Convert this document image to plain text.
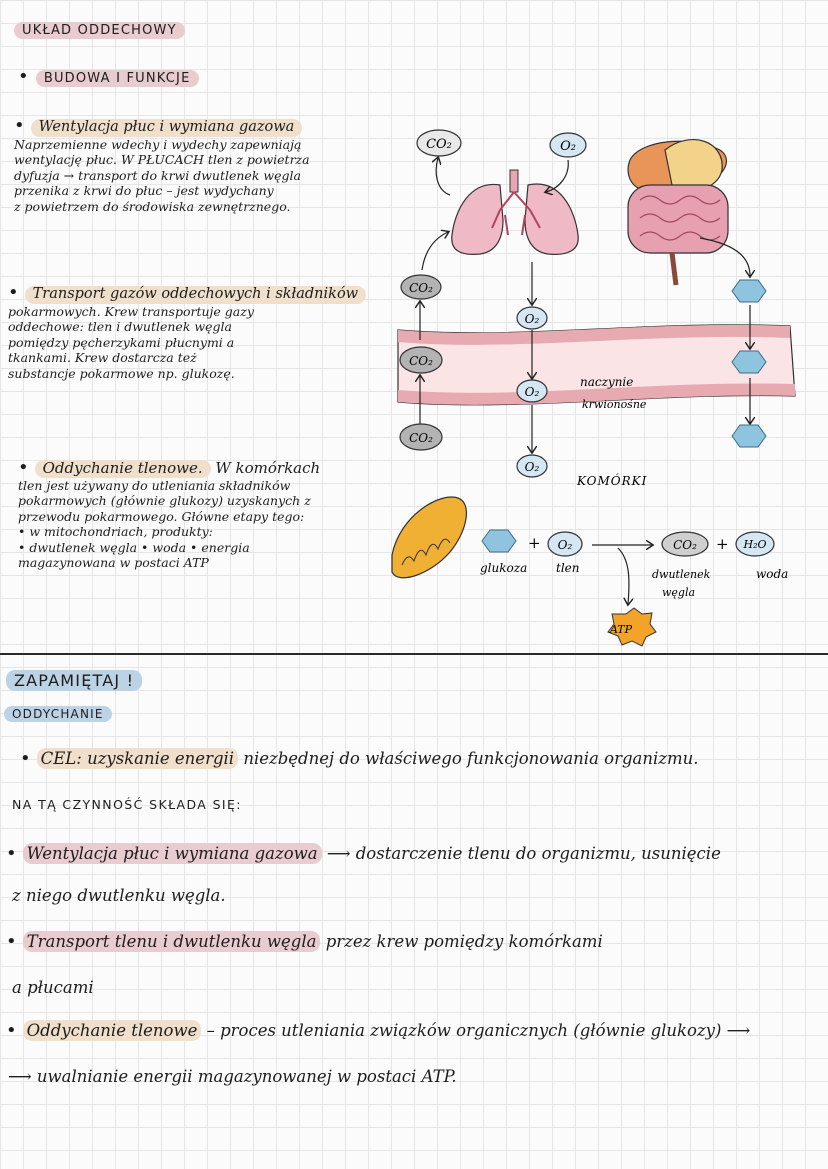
UKŁAD ODDECHOWY
• BUDOWA I FUNKCJE
• Wentylacja płuc i wymiana gazowa
Naprzemienne wdechy i wydechy zapewniają
wentylację płuc. W PŁUCACH tlen z powietrza
dyfuzja → transport do krwi dwutlenek węgla
przenika z krwi do płuc – jest wydychany
z powietrzem do środowiska zewnętrznego.
• Transport gazów oddechowych i składników
pokarmowych. Krew transportuje gazy
oddechowe: tlen i dwutlenek węgla
pomiędzy pęcherzykami płucnymi a
tkankami. Krew dostarcza też
substancje pokarmowe np. glukozę.
• Oddychanie tlenowe. W komórkach
tlen jest używany do utleniania składników
pokarmowych (głównie glukozy) uzyskanych z
przewodu pokarmowego. Główne etapy tego:
• w mitochondriach, produkty:
• dwutlenek węgla • woda • energia
magazynowana w postaci ATP
CO₂
CO₂
CO₂
CO₂
O₂
O₂
O₂
O₂
naczynie
krwionośne
KOMÓRKI
+ O₂	CO₂ + H₂O
glukoza tlen	dwutlenek
węgla
woda
ATP
ZAPAMIĘTAJ !
ODDYCHANIE
• CEL: uzyskanie energii niezbędnej do właściwego funkcjonowania organizmu.
NA TĄ CZYNNOŚĆ SKŁADA SIĘ:
• Wentylacja płuc i wymiana gazowa ⟶ dostarczenie tlenu do organizmu, usunięcie
z niego dwutlenku węgla.
• Transport tlenu i dwutlenku węgla przez krew pomiędzy komórkami
a płucami
• Oddychanie tlenowe – proces utleniania związków organicznych (głównie glukozy) ⟶
⟶ uwalnianie energii magazynowanej w postaci ATP.
